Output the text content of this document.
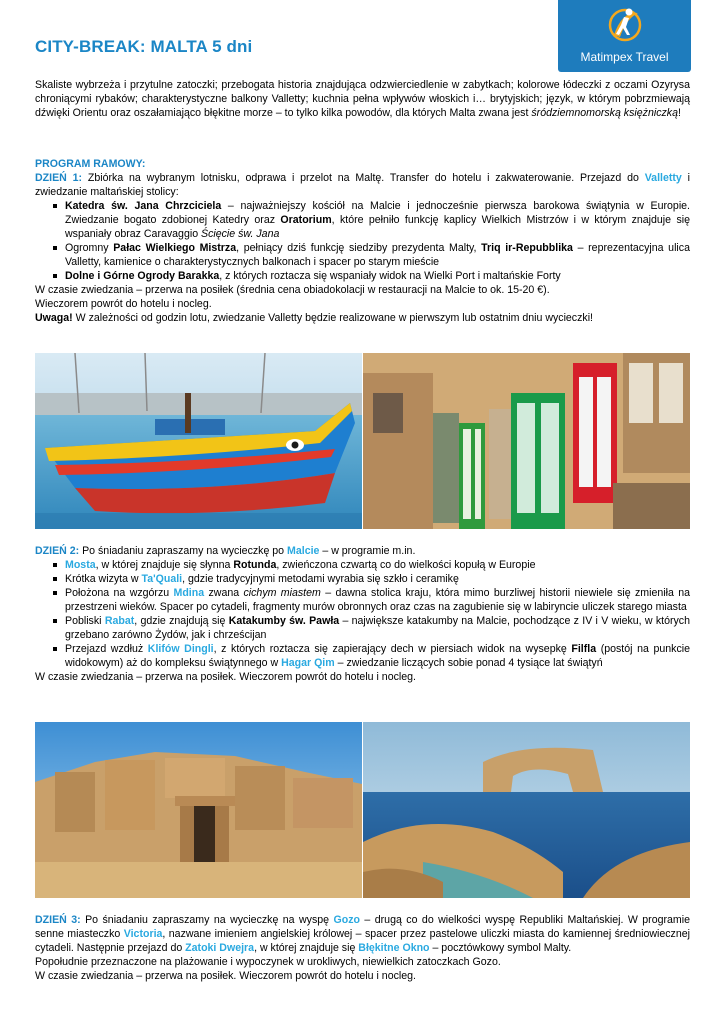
CITY-BREAK: MALTA 5 dni
Matimpex Travel

Skaliste wybrzeża i przytulne zatoczki; przebogata historia znajdująca odzwierciedlenie w zabytkach; kolorowe łódeczki z oczami Ozyrysa chroniącymi rybaków; charakterystyczne balkony Valletty; kuchnia pełna wpływów włoskich i… brytyjskich; język, w którym pobrzmiewają dźwięki Orientu oraz oszałamiająco błękitne morze – to tylko kilka powodów, dla których Malta zwana jest śródziemnomorską księżniczką!

PROGRAM RAMOWY:

DZIEŃ 1: Zbiórka na wybranym lotnisku, odprawa i przelot na Maltę. Transfer do hotelu i zakwaterowanie. Przejazd do Valletty i zwiedzanie maltańskiej stolicy:

Katedra św. Jana Chrzciciela – najważniejszy kościół na Malcie i jednocześnie pierwsza barokowa świątynia w Europie. Zwiedzanie bogato zdobionej Katedry oraz Oratorium, które pełniło funkcję kaplicy Wielkich Mistrzów i w którym znajduje się wspaniały obraz Caravaggio Ścięcie św. Jana
Ogromny Pałac Wielkiego Mistrza, pełniący dziś funkcję siedziby prezydenta Malty, Triq ir-Repubblika – reprezentacyjna ulica Valletty, kamienice o charakterystycznych balkonach i spacer po starym mieście
Dolne i Górne Ogrody Barakka, z których roztacza się wspaniały widok na Wielki Port i maltańskie Forty

W czasie zwiedzania – przerwa na posiłek (średnia cena obiadokolacji w restauracji na Malcie to ok. 15-20 €).

Wieczorem powrót do hotelu i nocleg.

Uwaga! W zależności od godzin lotu, zwiedzanie Valletty będzie realizowane w pierwszym lub ostatnim dniu wycieczki!

DZIEŃ 2: Po śniadaniu zapraszamy na wycieczkę po Malcie – w programie m.in.

Mosta, w której znajduje się słynna Rotunda, zwieńczona czwartą co do wielkości kopułą w Europie
Krótka wizyta w Ta'Quali, gdzie tradycyjnymi metodami wyrabia się szkło i ceramikę
Położona na wzgórzu Mdina zwana cichym miastem – dawna stolica kraju, która mimo burzliwej historii niewiele się zmieniła na przestrzeni wieków. Spacer po cytadeli, fragmenty murów obronnych oraz czas na zagubienie się w labiryncie uliczek starego miasta
Pobliski Rabat, gdzie znajdują się Katakumby św. Pawła – największe katakumby na Malcie, pochodzące z IV i V wieku, w których grzebano zarówno Żydów, jak i chrześcijan
Przejazd wzdłuż Klifów Dingli, z których roztacza się zapierający dech w piersiach widok na wysepkę Filfla (postój na punkcie widokowym) aż do kompleksu świątynnego w Hagar Qim – zwiedzanie liczących sobie ponad 4 tysiące lat świątyń

W czasie zwiedzania – przerwa na posiłek. Wieczorem powrót do hotelu i nocleg.

DZIEŃ 3: Po śniadaniu zapraszamy na wycieczkę na wyspę Gozo – drugą co do wielkości wyspę Republiki Maltańskiej. W programie senne miasteczko Victoria, nazwane imieniem angielskiej królowej – spacer przez pastelowe uliczki miasta do kamiennej średniowiecznej cytadeli. Następnie przejazd do Zatoki Dwejra, w której znajduje się Błękitne Okno – pocztówkowy symbol Malty.

Popołudnie przeznaczone na plażowanie i wypoczynek w urokliwych, niewielkich zatoczkach Gozo.

W czasie zwiedzania – przerwa na posiłek. Wieczorem powrót do hotelu i nocleg.
